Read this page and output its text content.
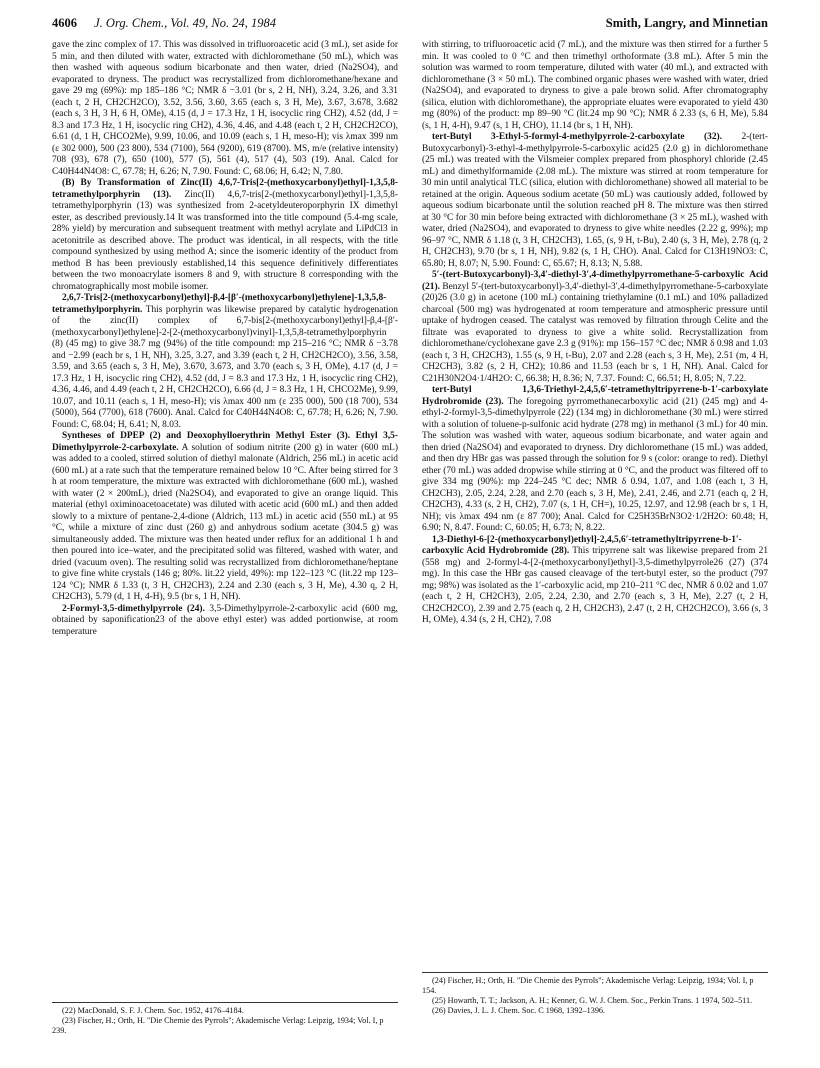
4606 J. Org. Chem., Vol. 49, No. 24, 1984	Smith, Langry, and Minnetian

gave the zinc complex of 17. This was dissolved in trifluoroacetic acid (3 mL), set aside for 5 min, and then diluted with water, extracted with dichloromethane (50 mL), which was then washed with aqueous sodium bicarbonate and then water, dried (Na2SO4), and evaporated to dryness. The product was recrystallized from dichloromethane/hexane and gave 29 mg (69%): mp 185–186 °C; NMR δ −3.01 (br s, 2 H, NH), 3.24, 3.26, and 3.31 (each t, 2 H, CH2CH2CO), 3.52, 3.56, 3.60, 3.65 (each s, 3 H, Me), 3.67, 3.678, 3.682 (each s, 3 H, 3 H, 6 H, OMe), 4.15 (d, J = 17.3 Hz, 1 H, isocyclic ring CH2), 4.52 (dd, J = 8.3 and 17.3 Hz, 1 H, isocyclic ring CH2), 4.36, 4.46, and 4.48 (each t, 2 H, CH2CH2CO), 6.61 (d, 1 H, CHCO2Me), 9.99, 10.06, and 10.09 (each s, 1 H, meso-H); vis λmax 399 nm (ε 302 000), 500 (23 800), 534 (7100), 564 (9200), 619 (8700). MS, m/e (relative intensity) 708 (93), 678 (7), 650 (100), 577 (5), 561 (4), 517 (4), 503 (19). Anal. Calcd for C40H44N4O8: C, 67.78; H, 6.26; N, 7.90. Found: C, 68.06; H, 6.42; N, 7.80.

(B) By Transformation of Zinc(II) 4,6,7-Tris[2-(methoxycarbonyl)ethyl]-1,3,5,8-tetramethylporphyrin (13). Zinc(II) 4,6,7-tris[2-(methoxycarbonyl)ethyl]-1,3,5,8-tetramethylporphyrin (13) was synthesized from 2-acetyldeuteroporphyrin IX dimethyl ester, as described previously.14 It was transformed into the title compound (5.4-mg scale, 28% yield) by mercuration and subsequent treatment with methyl acrylate and LiPdCl3 in acetonitrile as described above. The product was identical, in all respects, with the title compound synthesized by using method A; since the isomeric identity of the product from method B has been previously established,14 this sequence definitively differentiates between the two monoacrylate isomers 8 and 9, with structure 8 corresponding with the chromatographically most mobile isomer.

2,6,7-Tris[2-(methoxycarbonyl)ethyl]-β,4-[β′-(methoxycarbonyl)ethylene]-1,3,5,8-tetramethylporphyrin. This porphyrin was likewise prepared by catalytic hydrogenation of the zinc(II) complex of 6,7-bis[2-(methoxycarbonyl)ethyl]-β,4-[β′-(methoxycarbonyl)ethylene]-2-[2-(methoxycarbonyl)vinyl]-1,3,5,8-tetramethylporphyrin (8) (45 mg) to give 38.7 mg (94%) of the title compound: mp 215–216 °C; NMR δ −3.78 and −2.99 (each br s, 1 H, NH), 3.25, 3.27, and 3.39 (each t, 2 H, CH2CH2CO), 3.56, 3.58, 3.59, and 3.65 (each s, 3 H, Me), 3.670, 3.673, and 3.70 (each s, 3 H, OMe), 4.17 (d, J = 17.3 Hz, 1 H, isocyclic ring CH2), 4.52 (dd, J = 8.3 and 17.3 Hz, 1 H, isocyclic ring CH2), 4.36, 4.46, and 4.49 (each t, 2 H, CH2CH2CO), 6.66 (d, J = 8.3 Hz, 1 H, CHCO2Me), 9.99, 10.07, and 10.11 (each s, 1 H, meso-H); vis λmax 400 nm (ε 235 000), 500 (18 700), 534 (5000), 564 (7700), 618 (7600). Anal. Calcd for C40H44N4O8: C, 67.78; H, 6.26; N, 7.90. Found: C, 68.04; H, 6.41; N, 8.03.

Syntheses of DPEP (2) and Deoxophylloerythrin Methyl Ester (3). Ethyl 3,5-Dimethylpyrrole-2-carboxylate. A solution of sodium nitrite (200 g) in water (600 mL) was added to a cooled, stirred solution of diethyl malonate (Aldrich, 256 mL) in acetic acid (600 mL) at a rate such that the temperature remained below 10 °C. After being stirred for 3 h at room temperature, the mixture was extracted with dichloromethane (600 mL), washed with water (2 × 200mL), dried (Na2SO4), and evaporated to give an orange liquid. This material (ethyl oximinoacetoacetate) was diluted with acetic acid (600 mL) and then added slowly to a mixture of pentane-2,4-dione (Aldrich, 113 mL) in acetic acid (550 mL) at 95 °C, while a mixture of zinc dust (260 g) and anhydrous sodium acetate (304.5 g) was simultaneously added. The mixture was then heated under reflux for an additional 1 h and then poured into ice–water, and the precipitated solid was filtered, washed with water, and dried (vacuum oven). The resulting solid was recrystallized from dichloromethane/heptane to give fine white crystals (146 g; 80%. lit.22 yield, 49%): mp 122–123 °C (lit.22 mp 123–124 °C); NMR δ 1.33 (t, 3 H, CH2CH3), 2.24 and 2.30 (each s, 3 H, Me), 4.30 q, 2 H, CH2CH3), 5.79 (d, 1 H, 4-H), 9.5 (br s, 1 H, NH).

2-Formyl-3,5-dimethylpyrrole (24). 3,5-Dimethylpyrrole-2-carboxylic acid (600 mg, obtained by saponification23 of the above ethyl ester) was added portionwise, at room temperature

with stirring, to trifluoroacetic acid (7 mL), and the mixture was then stirred for a further 5 min. It was cooled to 0 °C and then trimethyl orthoformate (3.8 mL). After 5 min the solution was warmed to room temperature, diluted with water (40 mL), and extracted with dichloromethane (3 × 50 mL). The combined organic phases were washed with water, dried (Na2SO4), and evaporated to dryness to give a pale brown solid. After chromatography (silica, elution with dichloromethane), the appropriate eluates were evaporated to yield 430 mg (80%) of the product: mp 89–90 °C (lit.24 mp 90 °C); NMR δ 2.33 (s, 6 H, Me), 5.84 (s, 1 H, 4-H), 9.47 (s, 1 H, CHO), 11.14 (br s, 1 H, NH).

tert-Butyl 3-Ethyl-5-formyl-4-methylpyrrole-2-carboxylate (32). 2-(tert-Butoxycarbonyl)-3-ethyl-4-methylpyrrole-5-carboxylic acid25 (2.0 g) in dichloromethane (25 mL) was treated with the Vilsmeier complex prepared from phosphoryl chloride (2.45 mL) and dimethylformamide (2.08 mL). The mixture was stirred at room temperature for 30 min until analytical TLC (silica, elution with dichloromethane) showed all material to be retained at the origin. Aqueous sodium acetate (50 mL) was cautiously added, followed by aqueous sodium bicarbonate until the solution reached pH 8. The mixture was then stirred at 30 °C for 30 min before being extracted with dichloromethane (3 × 25 mL), washed with water, dried (Na2SO4), and evaporated to dryness to give white needles (2.22 g, 99%); mp 96–97 °C, NMR δ 1.18 (t, 3 H, CH2CH3), 1.65, (s, 9 H, t-Bu), 2.40 (s, 3 H, Me), 2.78 (q, 2 H, CH2CH3), 9.70 (br s, 1 H, NH), 9.82 (s, 1 H, CHO). Anal. Calcd for C13H19NO3: C, 65.80; H, 8.07; N, 5.90. Found: C, 65.67; H, 8.13; N, 5.88.

5′-(tert-Butoxycarbonyl)-3,4′-diethyl-3′,4-dimethylpyrromethane-5-carboxylic Acid (21). Benzyl 5′-(tert-butoxycarbonyl)-3,4′-diethyl-3′,4-dimethylpyrromethane-5-carboxylate (20)26 (3.0 g) in acetone (100 mL) containing triethylamine (0.1 mL) and 10% palladized charcoal (500 mg) was hydrogenated at room temperature and atmospheric pressure until uptake of hydrogen ceased. The catalyst was removed by filtration through Celite and the filtrate was evaporated to dryness to give a white solid. Recrystallization from dichloromethane/cyclohexane gave 2.3 g (91%): mp 156–157 °C dec; NMR δ 0.98 and 1.03 (each t, 3 H, CH2CH3), 1.55 (s, 9 H, t-Bu), 2.07 and 2.28 (each s, 3 H, Me), 2.51 (m, 4 H, CH2CH3), 3.82 (s, 2 H, CH2); 10.86 and 11.53 (each br s, 1 H, NH). Anal. Calcd for C21H30N2O4·1/4H2O: C, 66.38; H, 8.36; N, 7.37. Found: C, 66.51; H, 8.05; N, 7.22.

tert-Butyl 1,3,6-Triethyl-2,4,5,6′-tetramethyltripyrrene-b-1′-carboxylate Hydrobromide (23). The foregoing pyrromethanecarboxylic acid (21) (245 mg) and 4-ethyl-2-formyl-3,5-dimethylpyrrole (22) (134 mg) in dichloromethane (30 mL) were stirred with a solution of toluene-p-sulfonic acid hydrate (278 mg) in methanol (3 mL) for 40 min. The solution was washed with water, aqueous sodium bicarbonate, and water again and then dried (Na2SO4) and evaporated to dryness. Dry dichloromethane (15 mL) was added, and then dry HBr gas was passed through the solution for 9 s (color: orange to red). Diethyl ether (70 mL) was added dropwise while stirring at 0 °C, and the product was filtered off to give 334 mg (90%): mp 224–245 °C dec; NMR δ 0.94, 1.07, and 1.08 (each t, 3 H, CH2CH3), 2.05, 2.24, 2.28, and 2.70 (each s, 3 H, Me), 2.41, 2.46, and 2.71 (each q, 2 H, CH2CH3), 4.33 (s, 2 H, CH2), 7.07 (s, 1 H, CH=), 10.25, 12.97, and 12.98 (each br s, 1 H, NH); vis λmax 494 nm (ε 87 700); Anal. Calcd for C25H35BrN3O2·1/2H2O: 60.48; H, 6.90; N, 8.47. Found: C, 60.05; H, 6.73; N, 8.22.

1,3-Diethyl-6-[2-(methoxycarbonyl)ethyl]-2,4,5,6′-tetramethyltripyrrene-b-1′-carboxylic Acid Hydrobromide (28). This tripyrrene salt was likewise prepared from 21 (558 mg) and 2-formyl-4-[2-(methoxycarbonyl)ethyl]-3,5-dimethylpyrrole26 (27) (374 mg). In this case the HBr gas caused cleavage of the tert-butyl ester, so the product (797 mg; 98%) was isolated as the 1′-carboxylic acid, mp 210–211 °C dec, NMR δ 0.02 and 1.07 (each t, 2 H, CH2CH3), 2.05, 2.24, 2.30, and 2.70 (each s, 3 H, Me), 2.27 (t, 2 H, CH2CH2CO), 2.39 and 2.75 (each q, 2 H, CH2CH3), 2.47 (t, 2 H, CH2CH2CO), 3.66 (s, 3 H, OMe), 4.34 (s, 2 H, CH2), 7.08

(22) MacDonald, S. F. J. Chem. Soc. 1952, 4176–4184.
(23) Fischer, H.; Orth, H. "Die Chemie des Pyrrols"; Akademische Verlag: Leipzig, 1934; Vol. I, p 239.
(24) Fischer, H.; Orth, H. "Die Chemie des Pyrrols"; Akademische Verlag: Leipzig, 1934; Vol. I, p 154.
(25) Howarth, T. T.; Jackson, A. H.; Kenner, G. W. J. Chem. Soc., Perkin Trans. 1 1974, 502–511.
(26) Davies, J. L. J. Chem. Soc. C 1968, 1392–1396.
